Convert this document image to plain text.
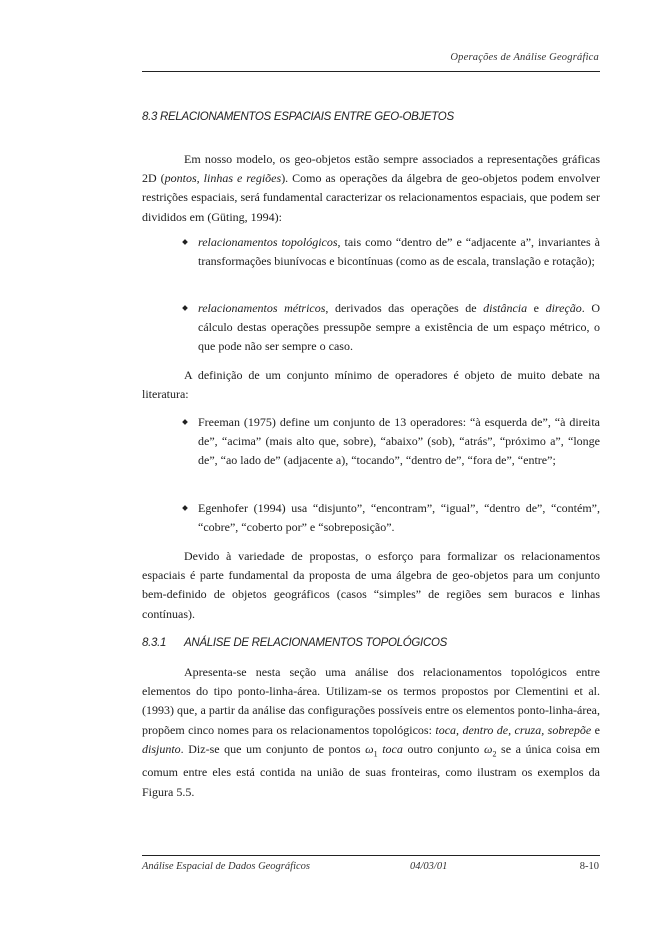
Operações de Análise Geográfica
8.3 RELACIONAMENTOS ESPACIAIS ENTRE GEO-OBJETOS

Em nosso modelo, os geo-objetos estão sempre associados a representações gráficas 2D (pontos, linhas e regiões). Como as operações da álgebra de geo-objetos podem envolver restrições espaciais, será fundamental caracterizar os relacionamentos espaciais, que podem ser divididos em (Güting, 1994):

relacionamentos topológicos, tais como “dentro de” e “adjacente a”, invariantes à transformações biunívocas e bicontínuas (como as de escala, translação e rotação);

relacionamentos métricos, derivados das operações de distância e direção. O cálculo destas operações pressupõe sempre a existência de um espaço métrico, o que pode não ser sempre o caso.

A definição de um conjunto mínimo de operadores é objeto de muito debate na literatura:

Freeman (1975) define um conjunto de 13 operadores: “à esquerda de”, “à direita de”, “acima” (mais alto que, sobre), “abaixo” (sob), “atrás”, “próximo a”, “longe de”, “ao lado de” (adjacente a), “tocando”, “dentro de”, “fora de”, “entre”;

Egenhofer (1994) usa “disjunto”, “encontram”, “igual”, “dentro de”, “contém”, “cobre”, “coberto por” e “sobreposição”.

Devido à variedade de propostas, o esforço para formalizar os relacionamentos espaciais é parte fundamental da proposta de uma álgebra de geo-objetos para um conjunto bem-definido de objetos geográficos (casos “simples” de regiões sem buracos e linhas contínuas).

8.3.1 ANÁLISE DE RELACIONAMENTOS TOPOLÓGICOS

Apresenta-se nesta seção uma análise dos relacionamentos topológicos entre elementos do tipo ponto-linha-área. Utilizam-se os termos propostos por Clementini et al. (1993) que, a partir da análise das configurações possíveis entre os elementos ponto-linha-área, propõem cinco nomes para os relacionamentos topológicos: toca, dentro de, cruza, sobrepõe e disjunto. Diz-se que um conjunto de pontos $\omega_1$ toca outro conjunto $\omega_2$ se a única coisa em comum entre eles está contida na união de suas fronteiras, como ilustram os exemplos da Figura 5.5.

Análise Espacial de Dados Geográficos	04/03/01	8-10
